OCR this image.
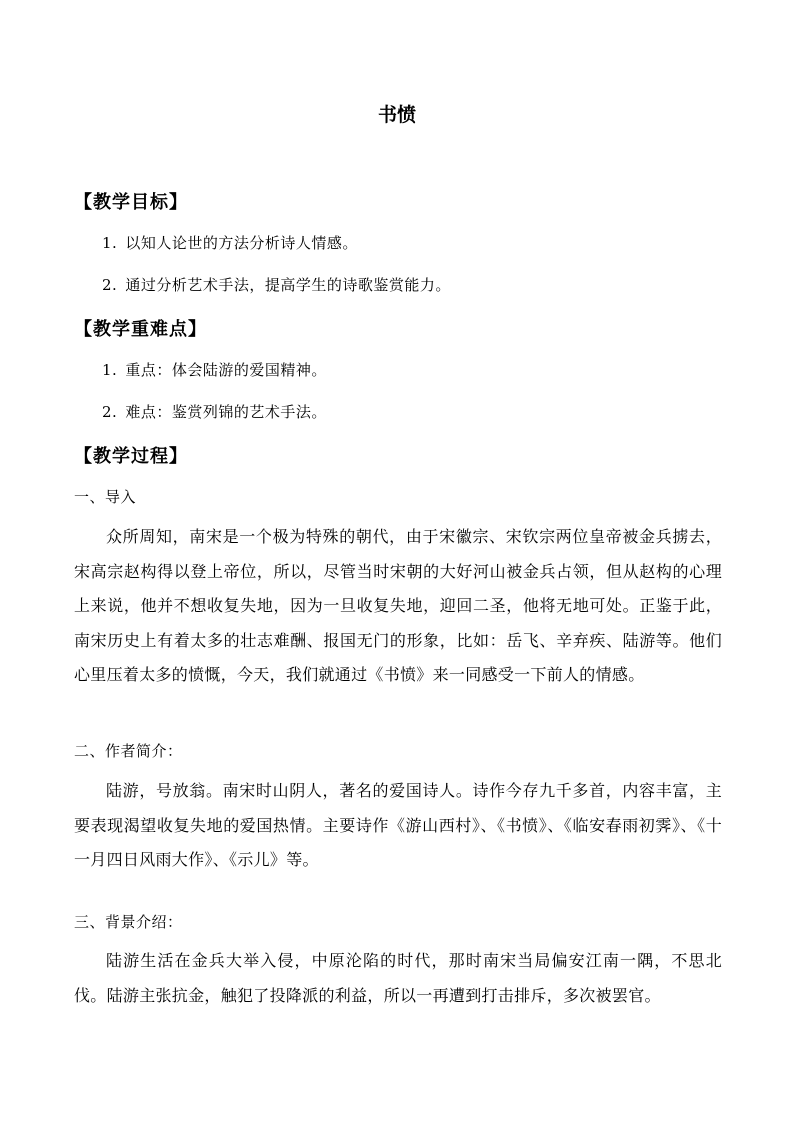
书愤
【教学目标】
1. 以知人论世的方法分析诗人情感。
2. 通过分析艺术手法，提高学生的诗歌鉴赏能力。
【教学重难点】
1. 重点：体会陆游的爱国精神。
2. 难点：鉴赏列锦的艺术手法。
【教学过程】
一、导入
众所周知，南宋是一个极为特殊的朝代，由于宋徽宗、宋钦宗两位皇帝被金兵掳去，宋高宗赵构得以登上帝位，所以，尽管当时宋朝的大好河山被金兵占领，但从赵构的心理上来说，他并不想收复失地，因为一旦收复失地，迎回二圣，他将无地可处。正鉴于此，南宋历史上有着太多的壮志难酬、报国无门的形象，比如：岳飞、辛弃疾、陆游等。他们心里压着太多的愤慨，今天，我们就通过《书愤》来一同感受一下前人的情感。
二、作者简介：
陆游，号放翁。南宋时山阴人，著名的爱国诗人。诗作今存九千多首，内容丰富，主要表现渴望收复失地的爱国热情。主要诗作《游山西村》、《书愤》、《临安春雨初霁》、《十一月四日风雨大作》、《示儿》等。
三、背景介绍：
陆游生活在金兵大举入侵，中原沦陷的时代，那时南宋当局偏安江南一隅，不思北伐。陆游主张抗金，触犯了投降派的利益，所以一再遭到打击排斥，多次被罢官。
